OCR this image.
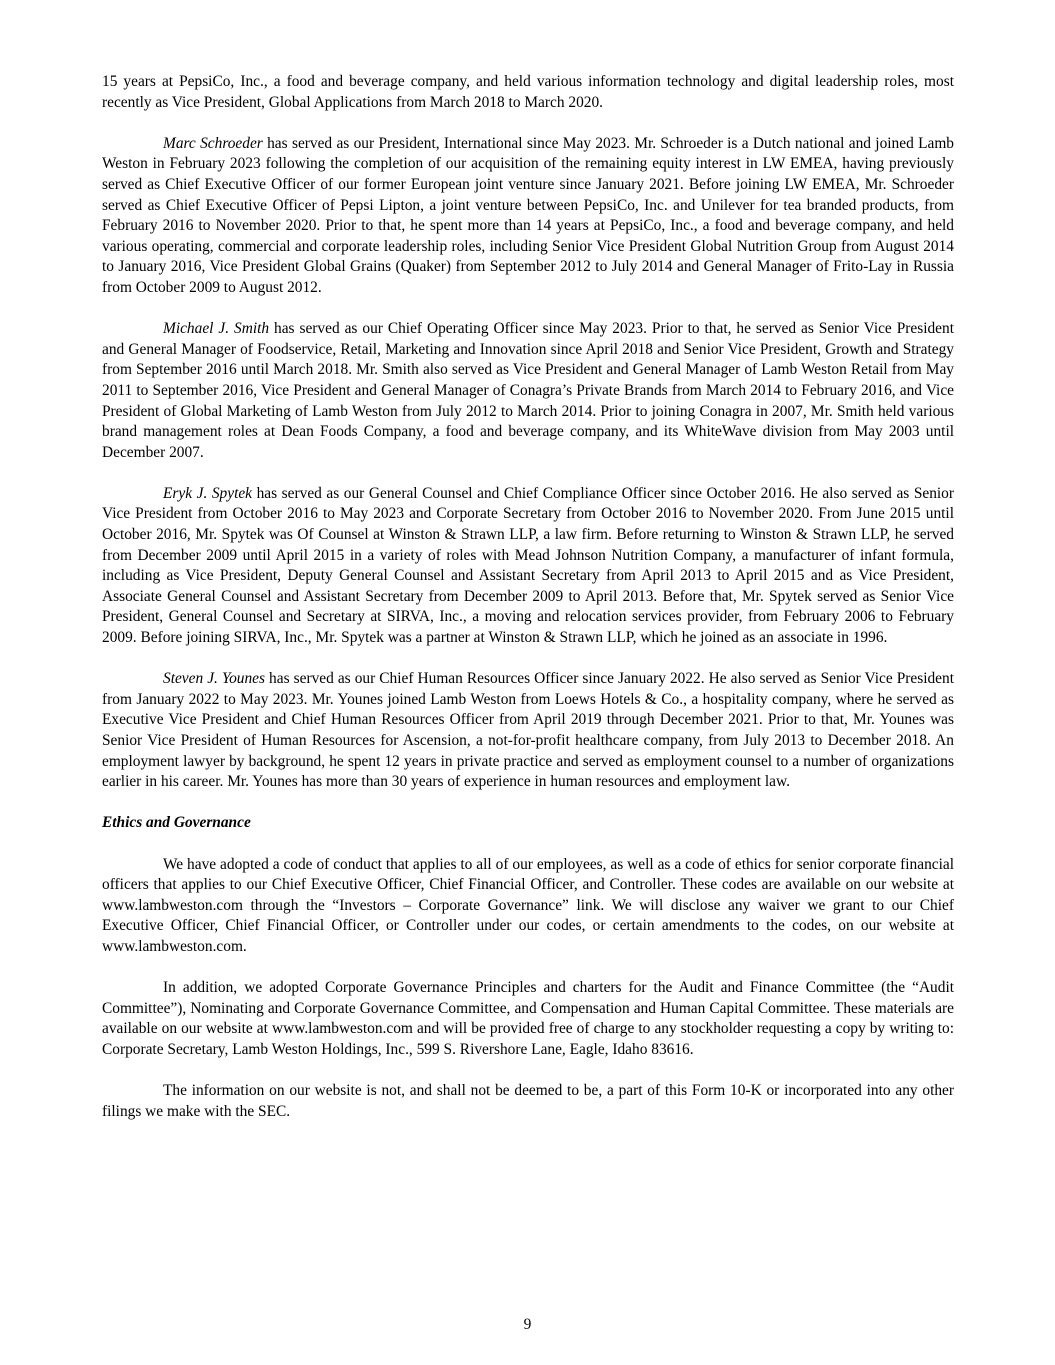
15 years at PepsiCo, Inc., a food and beverage company, and held various information technology and digital leadership roles, most recently as Vice President, Global Applications from March 2018 to March 2020.

Marc Schroeder has served as our President, International since May 2023. Mr. Schroeder is a Dutch national and joined Lamb Weston in February 2023 following the completion of our acquisition of the remaining equity interest in LW EMEA, having previously served as Chief Executive Officer of our former European joint venture since January 2021. Before joining LW EMEA, Mr. Schroeder served as Chief Executive Officer of Pepsi Lipton, a joint venture between PepsiCo, Inc. and Unilever for tea branded products, from February 2016 to November 2020. Prior to that, he spent more than 14 years at PepsiCo, Inc., a food and beverage company, and held various operating, commercial and corporate leadership roles, including Senior Vice President Global Nutrition Group from August 2014 to January 2016, Vice President Global Grains (Quaker) from September 2012 to July 2014 and General Manager of Frito-Lay in Russia from October 2009 to August 2012.

Michael J. Smith has served as our Chief Operating Officer since May 2023. Prior to that, he served as Senior Vice President and General Manager of Foodservice, Retail, Marketing and Innovation since April 2018 and Senior Vice President, Growth and Strategy from September 2016 until March 2018. Mr. Smith also served as Vice President and General Manager of Lamb Weston Retail from May 2011 to September 2016, Vice President and General Manager of Conagra’s Private Brands from March 2014 to February 2016, and Vice President of Global Marketing of Lamb Weston from July 2012 to March 2014. Prior to joining Conagra in 2007, Mr. Smith held various brand management roles at Dean Foods Company, a food and beverage company, and its WhiteWave division from May 2003 until December 2007.

Eryk J. Spytek has served as our General Counsel and Chief Compliance Officer since October 2016. He also served as Senior Vice President from October 2016 to May 2023 and Corporate Secretary from October 2016 to November 2020. From June 2015 until October 2016, Mr. Spytek was Of Counsel at Winston & Strawn LLP, a law firm. Before returning to Winston & Strawn LLP, he served from December 2009 until April 2015 in a variety of roles with Mead Johnson Nutrition Company, a manufacturer of infant formula, including as Vice President, Deputy General Counsel and Assistant Secretary from April 2013 to April 2015 and as Vice President, Associate General Counsel and Assistant Secretary from December 2009 to April 2013. Before that, Mr. Spytek served as Senior Vice President, General Counsel and Secretary at SIRVA, Inc., a moving and relocation services provider, from February 2006 to February 2009. Before joining SIRVA, Inc., Mr. Spytek was a partner at Winston & Strawn LLP, which he joined as an associate in 1996.

Steven J. Younes has served as our Chief Human Resources Officer since January 2022. He also served as Senior Vice President from January 2022 to May 2023. Mr. Younes joined Lamb Weston from Loews Hotels & Co., a hospitality company, where he served as Executive Vice President and Chief Human Resources Officer from April 2019 through December 2021. Prior to that, Mr. Younes was Senior Vice President of Human Resources for Ascension, a not-for-profit healthcare company, from July 2013 to December 2018. An employment lawyer by background, he spent 12 years in private practice and served as employment counsel to a number of organizations earlier in his career. Mr. Younes has more than 30 years of experience in human resources and employment law.

Ethics and Governance

We have adopted a code of conduct that applies to all of our employees, as well as a code of ethics for senior corporate financial officers that applies to our Chief Executive Officer, Chief Financial Officer, and Controller. These codes are available on our website at www.lambweston.com through the “Investors – Corporate Governance” link. We will disclose any waiver we grant to our Chief Executive Officer, Chief Financial Officer, or Controller under our codes, or certain amendments to the codes, on our website at www.lambweston.com.

In addition, we adopted Corporate Governance Principles and charters for the Audit and Finance Committee (the “Audit Committee”), Nominating and Corporate Governance Committee, and Compensation and Human Capital Committee. These materials are available on our website at www.lambweston.com and will be provided free of charge to any stockholder requesting a copy by writing to: Corporate Secretary, Lamb Weston Holdings, Inc., 599 S. Rivershore Lane, Eagle, Idaho 83616.

The information on our website is not, and shall not be deemed to be, a part of this Form 10-K or incorporated into any other filings we make with the SEC.

9
